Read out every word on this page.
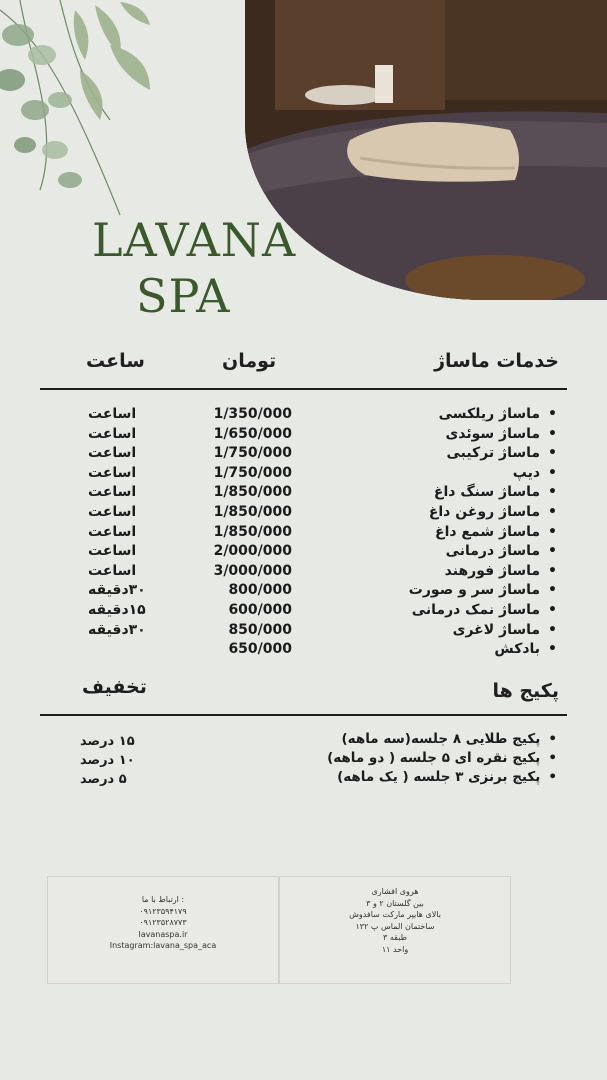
LAVANA
SPA
خدمات ماساژ
تومان
ساعت
• ماساژ ریلکسی
• ماساژ سوئدی
• ماساژ ترکیبی
• دیپ
• ماساژ سنگ داغ
• ماساژ روغن داغ
• ماساژ شمع داغ
• ماساژ درمانی
• ماساژ فورهند
• ماساژ سر و صورت
• ماساژ نمک درمانی
• ماساژ لاغری
• بادکش
1/350/000
1/650/000
1/750/000
1/750/000
1/850/000
1/850/000
1/850/000
2/000/000
3/000/000
800/000
600/000
850/000
650/000
اساعت
اساعت
اساعت
اساعت
اساعت
اساعت
اساعت
اساعت
اساعت
۳۰دقیقه
۱۵دقیقه
۳۰دقیقه
پکیج ها
تخفیف
• پکیج طلایی ۸ جلسه(سه ماهه)
• پکیج نقره ای ۵ جلسه ( دو ماهه)
• پکیج برنزی ۳ جلسه ( یک ماهه)
۱۵ درصد
۱۰ درصد
۵ درصد
ارتباط با ما :
۰۹۱۲۳۵۹۴۱۷۹
۰۹۱۲۳۵۲۸۷۷۳
lavanaspa.ir
Instagram:lavana_spa_aca
هروی افشاری
بین گلستان ۲ و ۳
بالای هایپر مارکت سافدوش
ساختمان الماس پ ۱۳۲
طبقه ۳
واحد ۱۱
